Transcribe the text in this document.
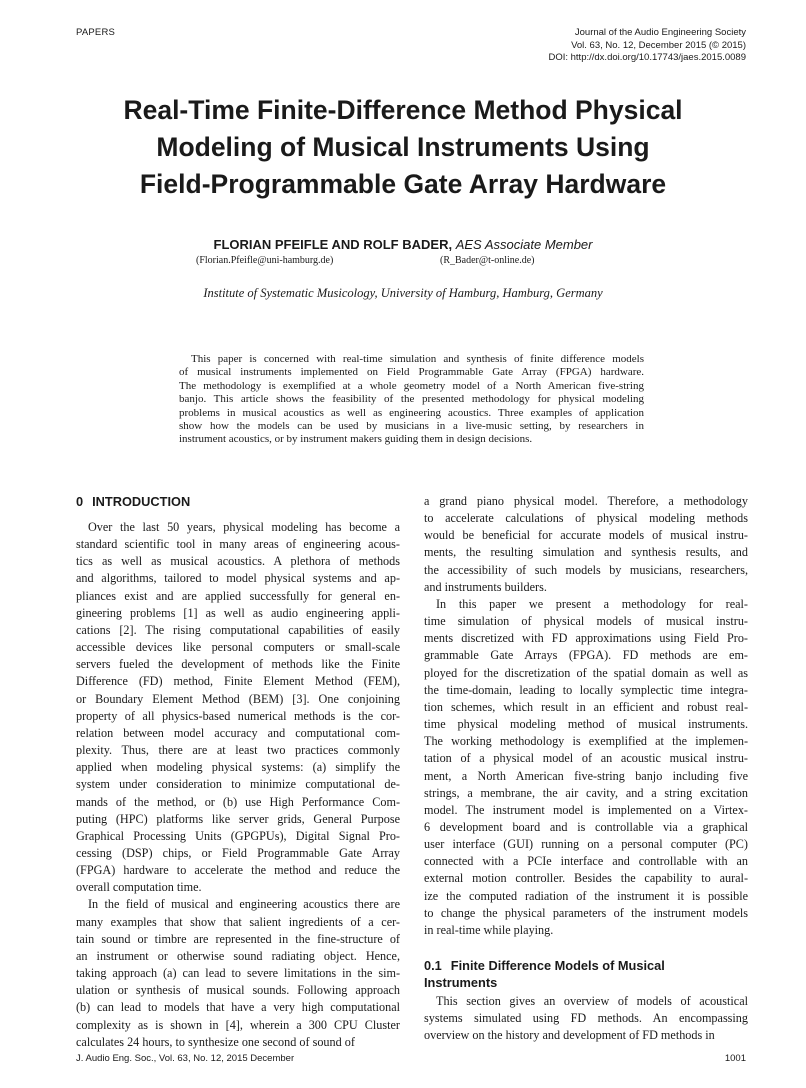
PAPERS	Journal of the Audio Engineering Society
Vol. 63, No. 12, December 2015 (© 2015)
DOI: http://dx.doi.org/10.17743/jaes.2015.0089
Real-Time Finite-Difference Method Physical
Modeling of Musical Instruments Using
Field-Programmable Gate Array Hardware
FLORIAN PFEIFLE AND ROLF BADER, AES Associate Member
(Florian.Pfeifle@uni-hamburg.de)	(R_Bader@t-online.de)
Institute of Systematic Musicology, University of Hamburg, Hamburg, Germany
This paper is concerned with real-time simulation and synthesis of finite difference models
of musical instruments implemented on Field Programmable Gate Array (FPGA) hardware.
The methodology is exemplified at a whole geometry model of a North American five-string
banjo. This article shows the feasibility of the presented methodology for physical modeling
problems in musical acoustics as well as engineering acoustics. Three examples of application
show how the models can be used by musicians in a live-music setting, by researchers in
instrument acoustics, or by instrument makers guiding them in design decisions.
0 INTRODUCTION
Over the last 50 years, physical modeling has become a
standard scientific tool in many areas of engineering acous-
tics as well as musical acoustics. A plethora of methods
and algorithms, tailored to model physical systems and ap-
pliances exist and are applied successfully for general en-
gineering problems [1] as well as audio engineering appli-
cations [2]. The rising computational capabilities of easily
accessible devices like personal computers or small-scale
servers fueled the development of methods like the Finite
Difference (FD) method, Finite Element Method (FEM),
or Boundary Element Method (BEM) [3]. One conjoining
property of all physics-based numerical methods is the cor-
relation between model accuracy and computational com-
plexity. Thus, there are at least two practices commonly
applied when modeling physical systems: (a) simplify the
system under consideration to minimize computational de-
mands of the method, or (b) use High Performance Com-
puting (HPC) platforms like server grids, General Purpose
Graphical Processing Units (GPGPUs), Digital Signal Pro-
cessing (DSP) chips, or Field Programmable Gate Array
(FPGA) hardware to accelerate the method and reduce the
overall computation time.
In the field of musical and engineering acoustics there are
many examples that show that salient ingredients of a cer-
tain sound or timbre are represented in the fine-structure of
an instrument or otherwise sound radiating object. Hence,
taking approach (a) can lead to severe limitations in the sim-
ulation or synthesis of musical sounds. Following approach
(b) can lead to models that have a very high computational
complexity as is shown in [4], wherein a 300 CPU Cluster
calculates 24 hours, to synthesize one second of sound of
a grand piano physical model. Therefore, a methodology
to accelerate calculations of physical modeling methods
would be beneficial for accurate models of musical instru-
ments, the resulting simulation and synthesis results, and
the accessibility of such models by musicians, researchers,
and instruments builders.
In this paper we present a methodology for real-
time simulation of physical models of musical instru-
ments discretized with FD approximations using Field Pro-
grammable Gate Arrays (FPGA). FD methods are em-
ployed for the discretization of the spatial domain as well as
the time-domain, leading to locally symplectic time integra-
tion schemes, which result in an efficient and robust real-
time physical modeling method of musical instruments.
The working methodology is exemplified at the implemen-
tation of a physical model of an acoustic musical instru-
ment, a North American five-string banjo including five
strings, a membrane, the air cavity, and a string excitation
model. The instrument model is implemented on a Virtex-
6 development board and is controllable via a graphical
user interface (GUI) running on a personal computer (PC)
connected with a PCIe interface and controllable with an
external motion controller. Besides the capability to aural-
ize the computed radiation of the instrument it is possible
to change the physical parameters of the instrument models
in real-time while playing.
0.1 Finite Difference Models of Musical
Instruments
This section gives an overview of models of acoustical
systems simulated using FD methods. An encompassing
overview on the history and development of FD methods in
J. Audio Eng. Soc., Vol. 63, No. 12, 2015 December	1001
